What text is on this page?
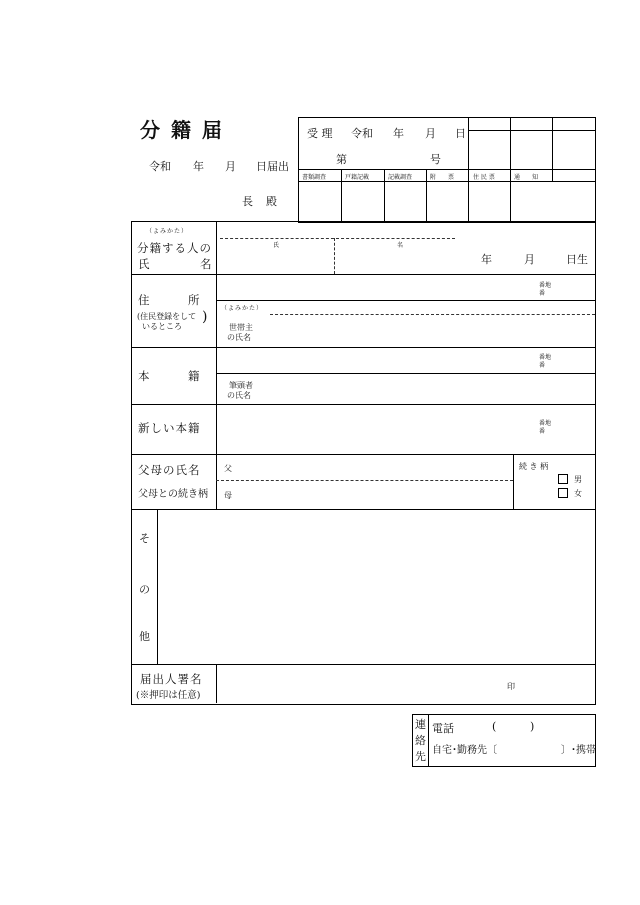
分 籍 届
令和 年 月 日届出
長 殿
受 理 令和 年 月 日
第	号
書類調査	戸籍記載	記載調査	附　　票	住 民 票	通　　知
（よみかた）
分籍する人の
氏	名
氏	名
年	月	日生
住　　　所
(住民登録をして
いるところ
)
番地
番
（よみかた）
世帯主
の氏名
本　　　籍
番地
番
筆頭者
の氏名
新しい本籍	番地
番
父母の氏名
父母との続き柄
父
母
続 き 柄
男
女
そ
の
他
届出人署名
(※押印は任意)
印
連
絡
先
電話	(	)
自宅･勤務先〔	〕･携帯
